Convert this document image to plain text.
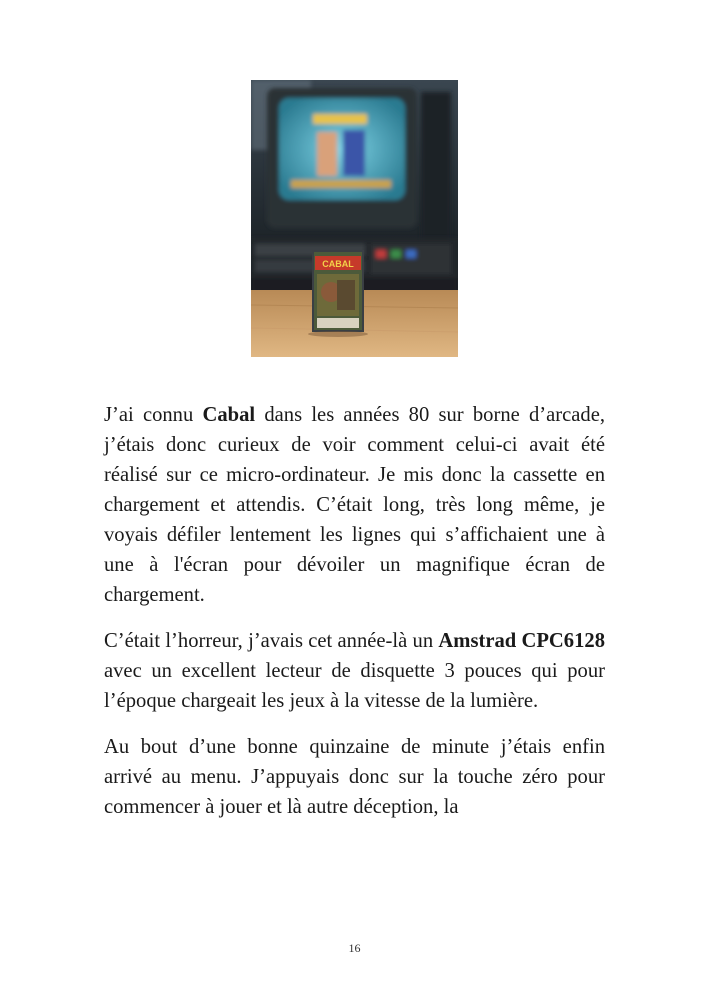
CABAL

J’ai connu Cabal dans les années 80 sur borne d’arcade, j’étais donc curieux de voir comment celui-ci avait été réalisé sur ce micro-ordinateur. Je mis donc la cassette en chargement et attendis. C’était long, très long même, je voyais défiler lentement les lignes qui s’affichaient une à une à l'écran pour dévoiler un magnifique écran de chargement.

C’était l’horreur, j’avais cet année-là un Amstrad CPC6128 avec un excellent lecteur de disquette 3 pouces qui pour l’époque chargeait les jeux à la vitesse de la lumière.

Au bout d’une bonne quinzaine de minute j’étais enfin arrivé au menu. J’appuyais donc sur la touche zéro pour commencer à jouer et là autre déception, la

16
